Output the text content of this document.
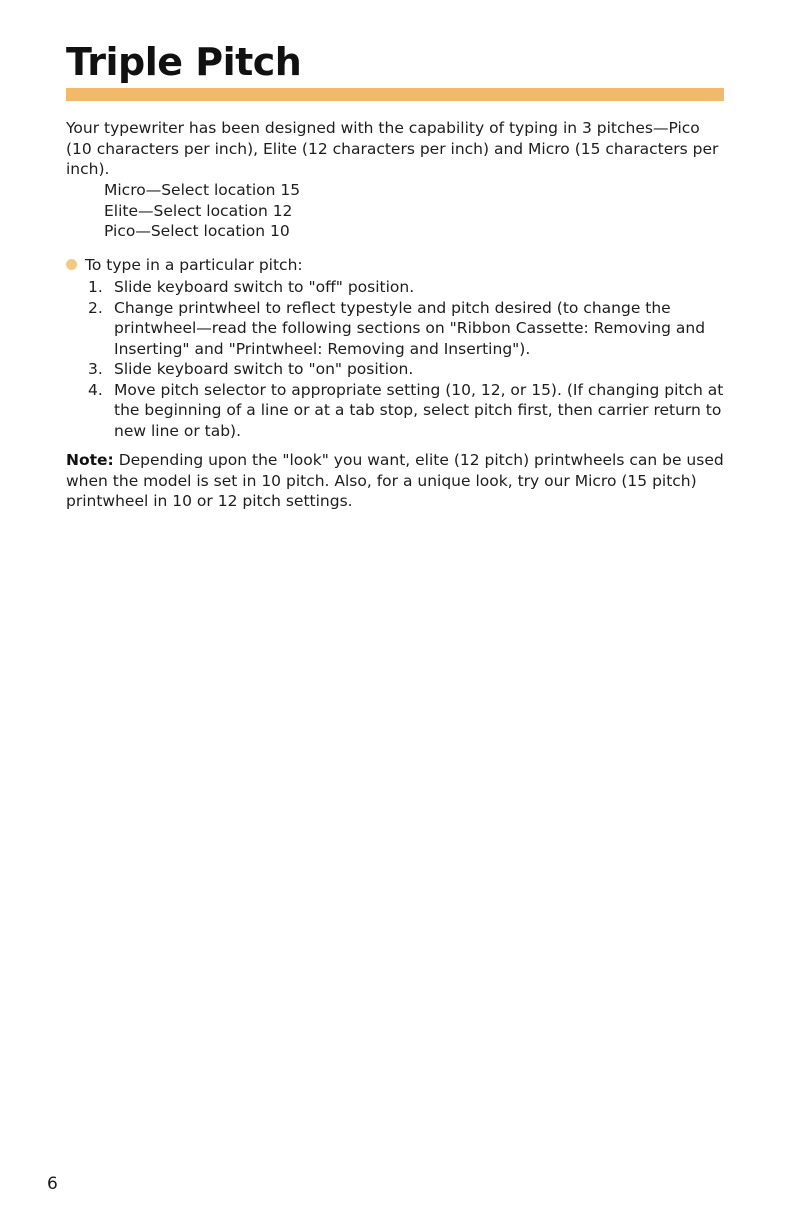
Triple Pitch

Your typewriter has been designed with the capability of typing in 3 pitches—Pico (10 characters per inch), Elite (12 characters per inch) and Micro (15 characters per inch).

Micro—Select location 15
Elite—Select location 12
Pico—Select location 10

To type in a particular pitch:

1. Slide keyboard switch to "off" position.
2. Change printwheel to reflect typestyle and pitch desired (to change the printwheel—read the following sections on "Ribbon Cassette: Removing and Inserting" and "Printwheel: Removing and Inserting").
3. Slide keyboard switch to "on" position.
4. Move pitch selector to appropriate setting (10, 12, or 15). (If changing pitch at the beginning of a line or at a tab stop, select pitch first, then carrier return to new line or tab).

Note: Depending upon the "look" you want, elite (12 pitch) printwheels can be used when the model is set in 10 pitch. Also, for a unique look, try our Micro (15 pitch) printwheel in 10 or 12 pitch settings.

6
